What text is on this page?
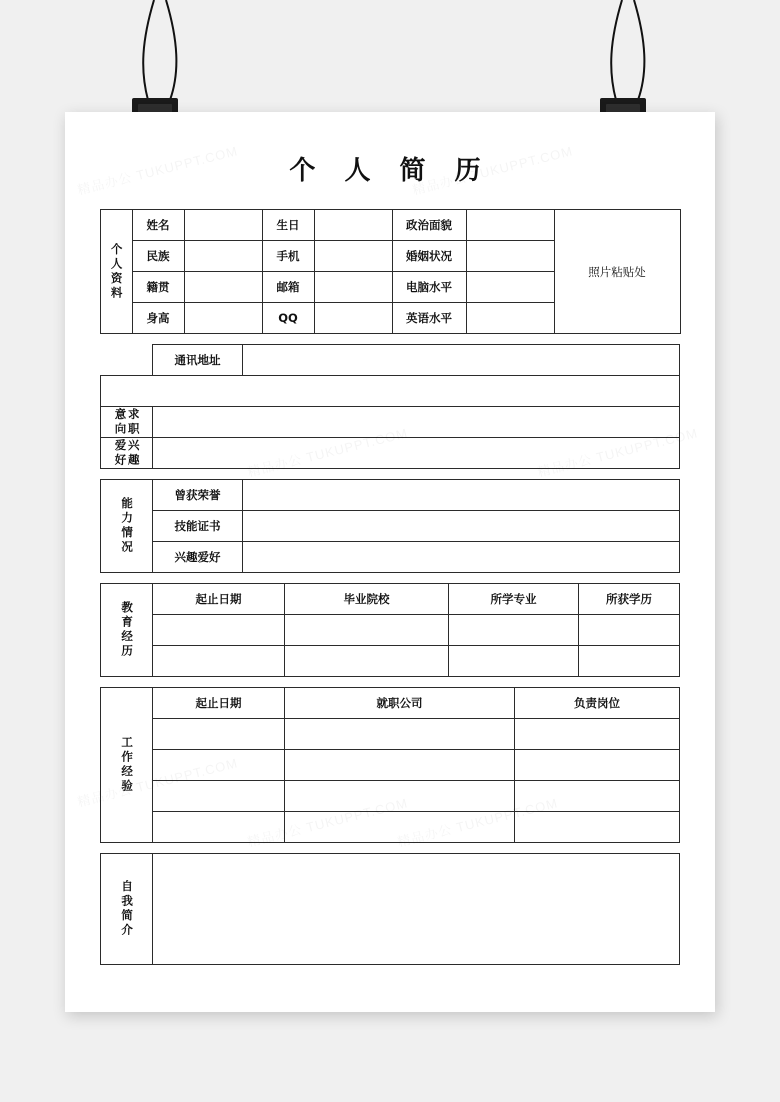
个 人 简 历
个人资料	姓名		生日		政治面貌		照片粘贴处
	民族		手机		婚姻状况		
	籍贯		邮箱		电脑水平		
	身高		QQ		英语水平		
	通讯地址	

求职意向		

兴趣爱好		

能力情况	曾获荣誉	
	技能证书	
	兴趣爱好	
教育经历	起止日期	毕业院校	所学专业	所获学历

工作经验	起止日期	就职公司	负责岗位

自我简介
